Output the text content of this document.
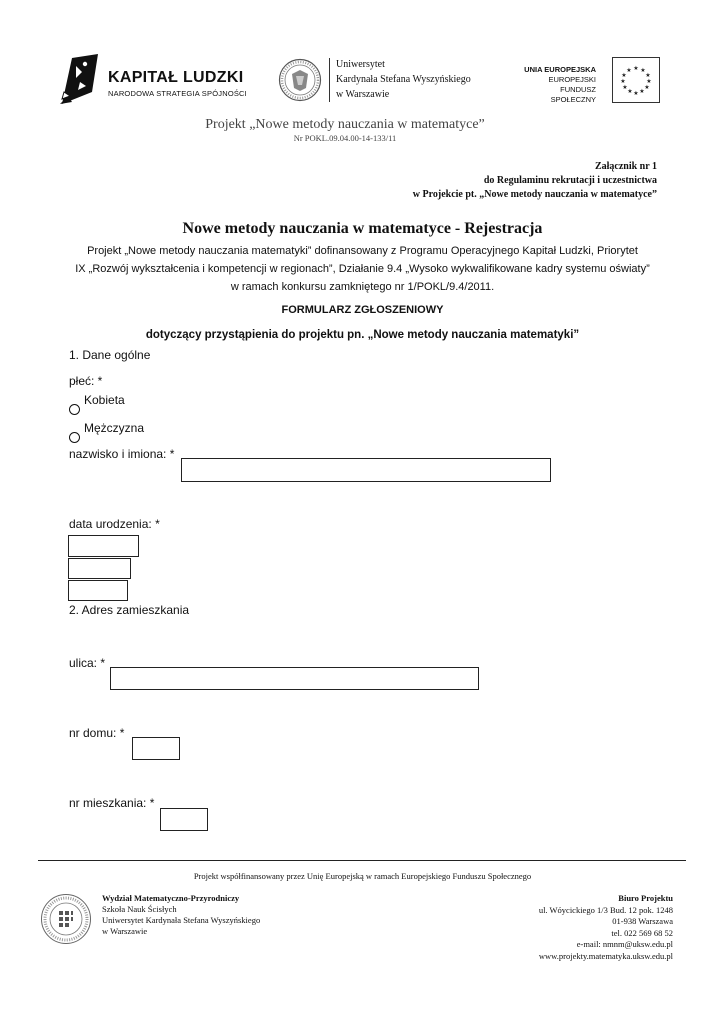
KAPITAŁ LUDZKI
NARODOWA STRATEGIA SPÓJNOŚCI
Uniwersytet
Kardynała Stefana Wyszyńskiego
w Warszawie
UNIA EUROPEJSKA
EUROPEJSKI
FUNDUSZ SPOŁECZNY
★ ★
★
★
★
★
★
★
★
★
★
★
Projekt „Nowe metody nauczania w matematyce”
Nr POKL.09.04.00-14-133/11
Załącznik nr 1
do Regulaminu rekrutacji i uczestnictwa
w Projekcie pt. „Nowe metody nauczania w matematyce”
Nowe metody nauczania w matematyce - Rejestracja
Projekt „Nowe metody nauczania matematyki” dofinansowany z Programu Operacyjnego Kapitał Ludzki, Priorytet
IX „Rozwój wykształcenia i kompetencji w regionach”, Działanie 9.4 „Wysoko wykwalifikowane kadry systemu oświaty”
w ramach konkursu zamkniętego nr 1/POKL/9.4/2011.
FORMULARZ ZGŁOSZENIOWY
dotyczący przystąpienia do projektu pn. „Nowe metody nauczania matematyki”
1. Dane ogólne
płeć: *
Kobieta
Mężczyzna
nazwisko i imiona: *
data urodzenia: *
2. Adres zamieszkania
ulica: *
nr domu: *
nr mieszkania: *
Projekt współfinansowany przez Unię Europejską w ramach Europejskiego Funduszu Społecznego
Wydział Matematyczno-Przyrodniczy
Szkoła Nauk Ścisłych
Uniwersytet Kardynała Stefana Wyszyńskiego
w Warszawie
Biuro Projektu
ul. Wóycickiego 1/3 Bud. 12 pok. 1248
01-938 Warszawa
tel. 022 569 68 52
e-mail: nmnm@uksw.edu.pl
www.projekty.matematyka.uksw.edu.pl
